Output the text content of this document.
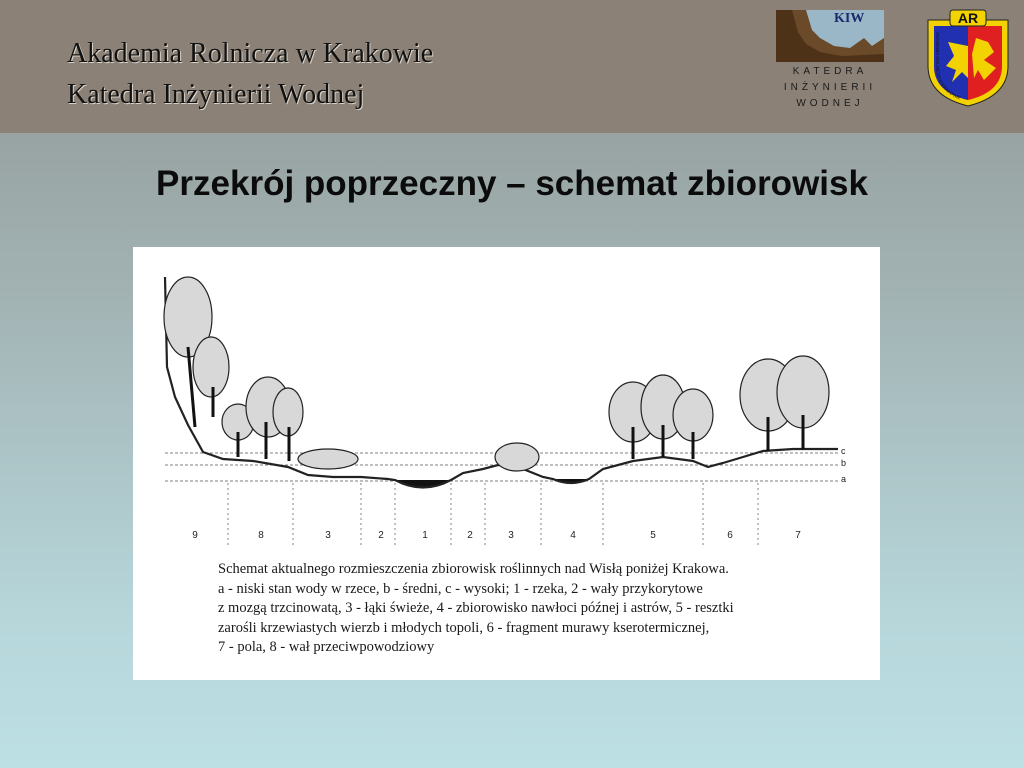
Akademia Rolnicza w Krakowie
Katedra Inżynierii Wodnej
KIW
KATEDRA
INŻYNIERII
WODNEJ
AR
AKADEMIA ROLNICZA W KRAKOWIE
Przekrój poprzeczny – schemat zbiorowisk
c
b
a
9	8	3	2	1	2	3	4	5	6	7
Schemat aktualnego rozmieszczenia zbiorowisk roślinnych nad Wisłą poniżej Krakowa.
a - niski stan wody w rzece, b - średni, c - wysoki; 1 - rzeka, 2 - wały przykorytowe
z mozgą trzcinowatą, 3 - łąki świeże, 4 - zbiorowisko nawłoci późnej i astrów, 5 - resztki
zarośli krzewiastych wierzb i młodych topoli, 6 - fragment murawy kserotermicznej,
7 - pola, 8 - wał przeciwpowodziowy
